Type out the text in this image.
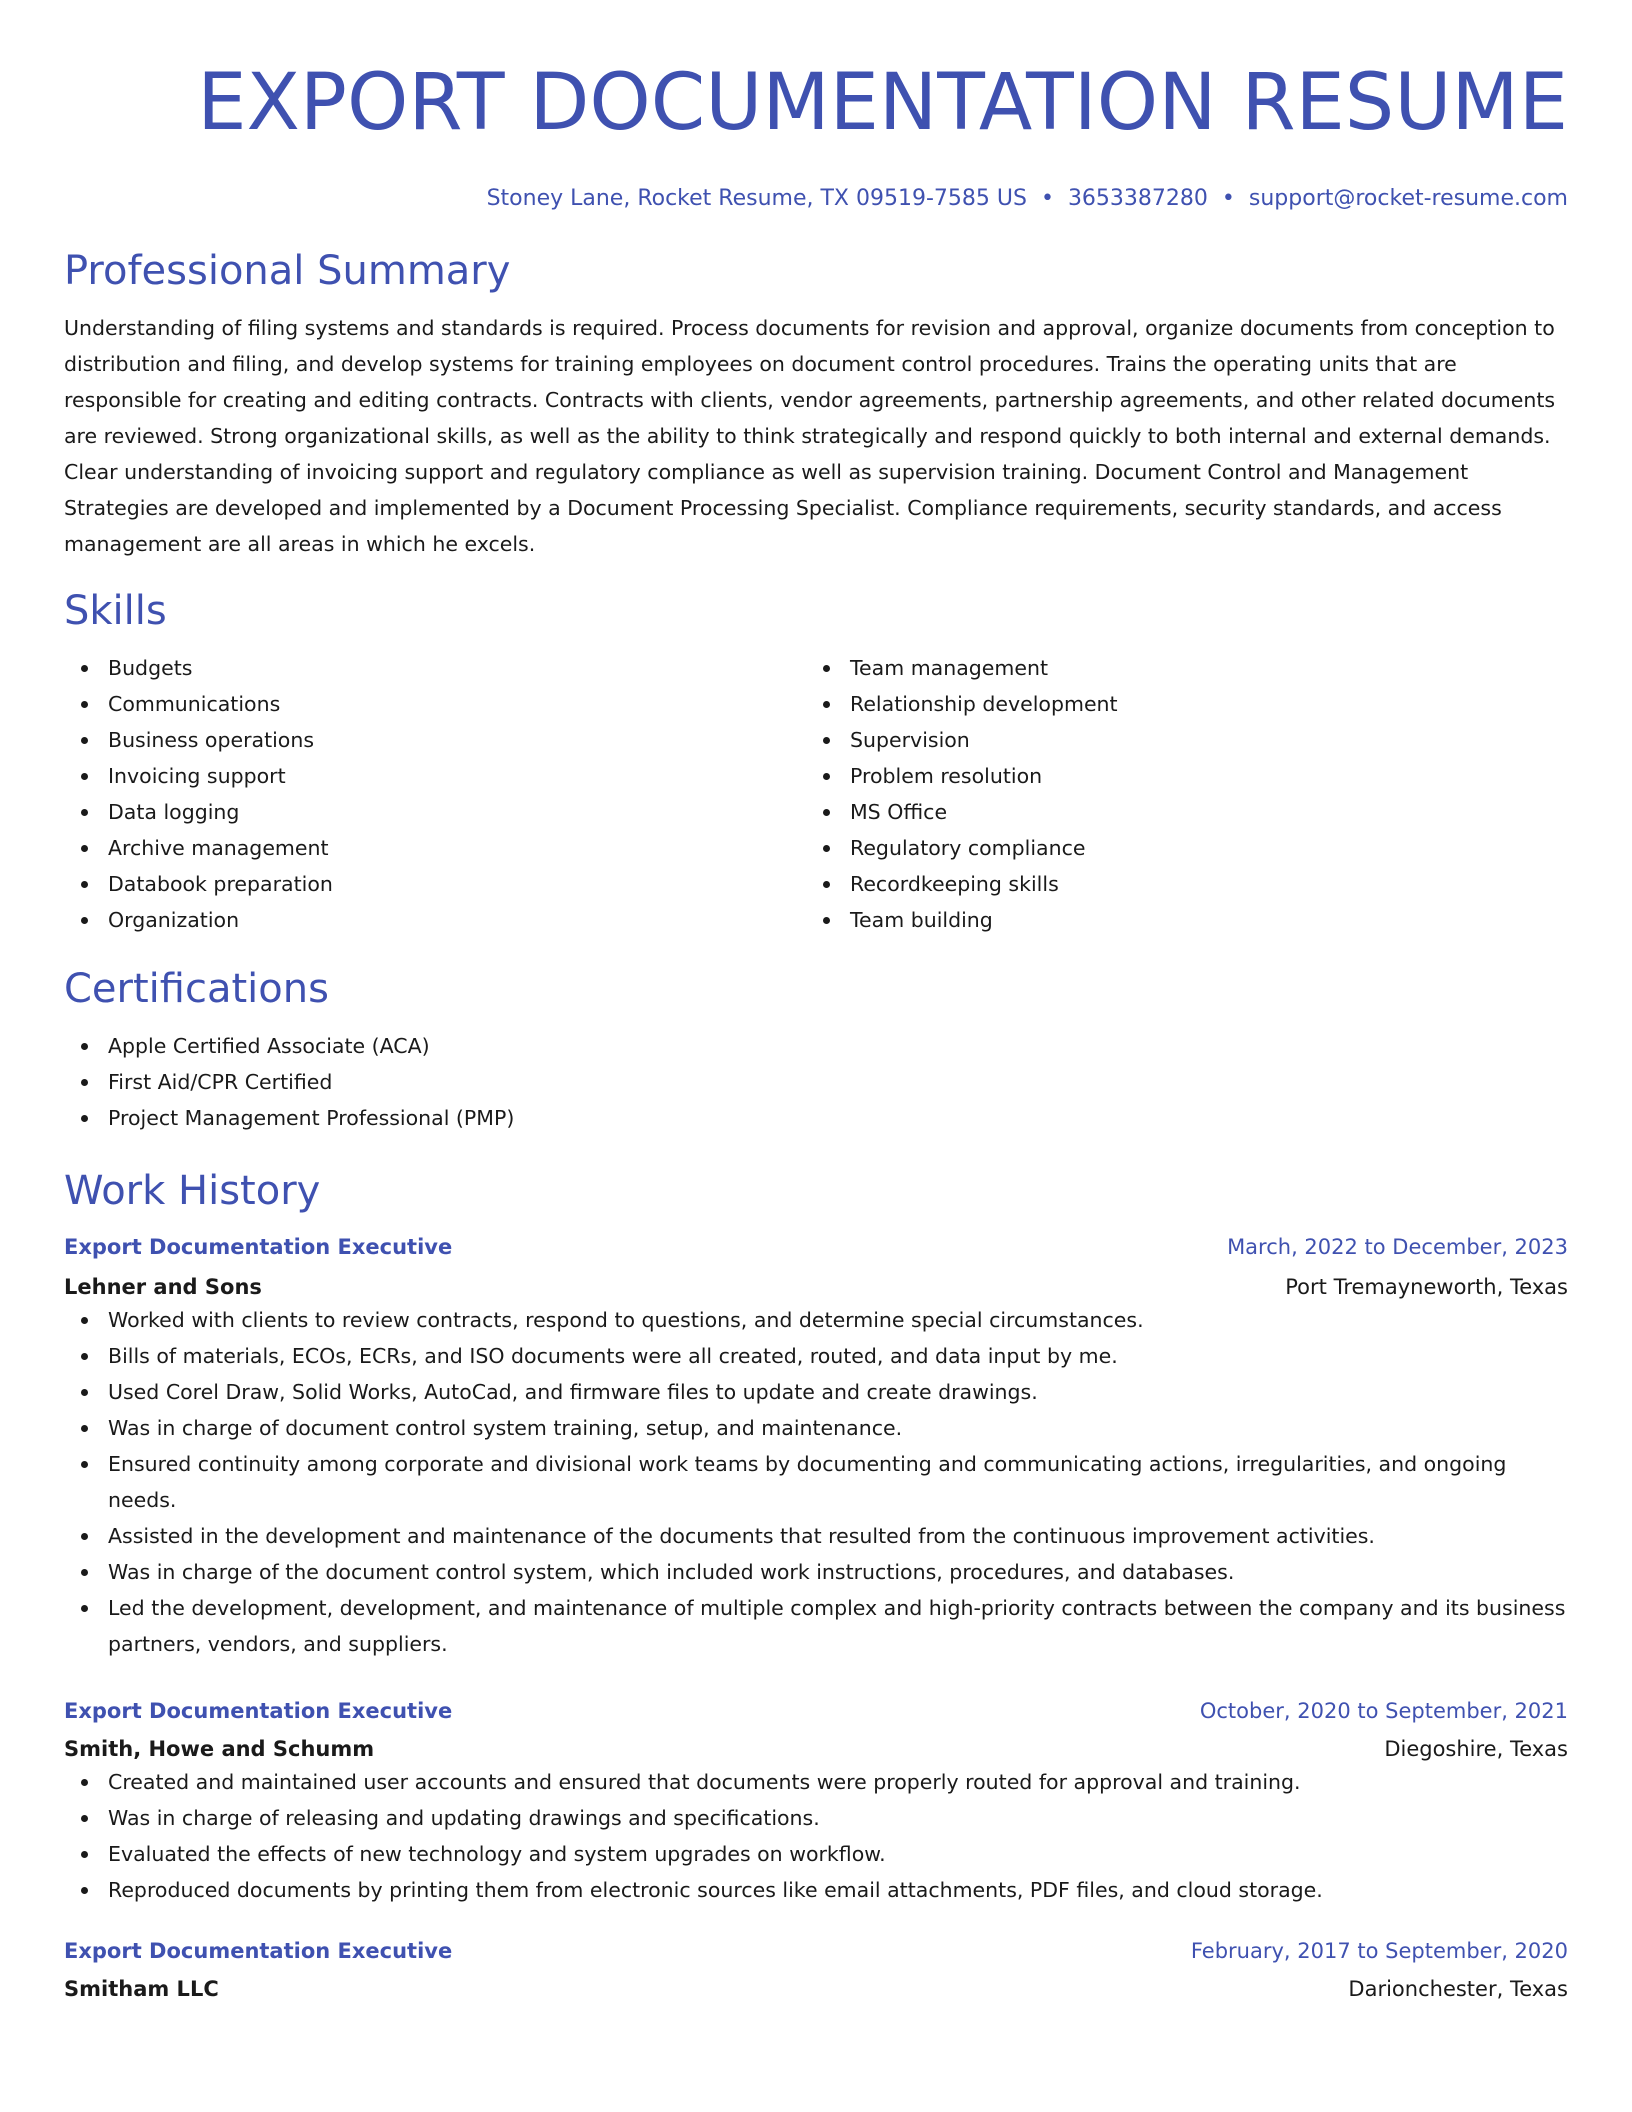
EXPORT DOCUMENTATION RESUME
Stoney Lane, Rocket Resume, TX 09519-7585 US • 3653387280 • support@rocket-resume.com
Professional Summary

Understanding of filing systems and standards is required. Process documents for revision and approval, organize documents from conception to distribution and filing, and develop systems for training employees on document control procedures. Trains the operating units that are responsible for creating and editing contracts. Contracts with clients, vendor agreements, partnership agreements, and other related documents are reviewed. Strong organizational skills, as well as the ability to think strategically and respond quickly to both internal and external demands. Clear understanding of invoicing support and regulatory compliance as well as supervision training. Document Control and Management Strategies are developed and implemented by a Document Processing Specialist. Compliance requirements, security standards, and access management are all areas in which he excels.

Skills
Budgets
Communications
Business operations
Invoicing support
Data logging
Archive management
Databook preparation
Organization
Team management
Relationship development
Supervision
Problem resolution
MS Office
Regulatory compliance
Recordkeeping skills
Team building
Certifications
Apple Certified Associate (ACA)
First Aid/CPR Certified
Project Management Professional (PMP)
Work History
Export Documentation Executive	March, 2022 to December, 2023
Lehner and Sons	Port Tremayneworth, Texas
Worked with clients to review contracts, respond to questions, and determine special circumstances.
Bills of materials, ECOs, ECRs, and ISO documents were all created, routed, and data input by me.
Used Corel Draw, Solid Works, AutoCad, and firmware files to update and create drawings.
Was in charge of document control system training, setup, and maintenance.
Ensured continuity among corporate and divisional work teams by documenting and communicating actions, irregularities, and ongoing needs.
Assisted in the development and maintenance of the documents that resulted from the continuous improvement activities.
Was in charge of the document control system, which included work instructions, procedures, and databases.
Led the development, development, and maintenance of multiple complex and high-priority contracts between the company and its business partners, vendors, and suppliers.
Export Documentation Executive	October, 2020 to September, 2021
Smith, Howe and Schumm	Diegoshire, Texas
Created and maintained user accounts and ensured that documents were properly routed for approval and training.
Was in charge of releasing and updating drawings and specifications.
Evaluated the effects of new technology and system upgrades on workflow.
Reproduced documents by printing them from electronic sources like email attachments, PDF files, and cloud storage.
Export Documentation Executive	February, 2017 to September, 2020
Smitham LLC	Darionchester, Texas
